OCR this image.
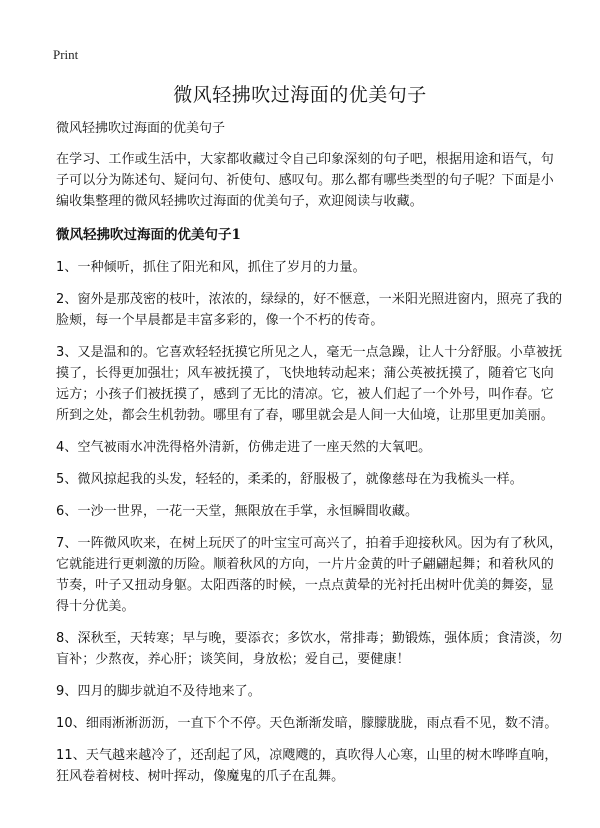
Print
微风轻拂吹过海面的优美句子
微风轻拂吹过海面的优美句子

在学习、工作或生活中，大家都收藏过令自己印象深刻的句子吧，根据用途和语气，句子可以分为陈述句、疑问句、祈使句、感叹句。那么都有哪些类型的句子呢？下面是小编收集整理的微风轻拂吹过海面的优美句子，欢迎阅读与收藏。

微风轻拂吹过海面的优美句子1

1、一种倾听，抓住了阳光和风，抓住了岁月的力量。

2、窗外是那茂密的枝叶，浓浓的，绿绿的，好不惬意，一米阳光照进窗内，照亮了我的脸颊，每一个早晨都是丰富多彩的，像一个不朽的传奇。

3、又是温和的。它喜欢轻轻抚摸它所见之人，毫无一点急躁，让人十分舒服。小草被抚摸了，长得更加强壮；风车被抚摸了，飞快地转动起来；蒲公英被抚摸了，随着它飞向远方；小孩子们被抚摸了，感到了无比的清凉。它，被人们起了一个外号，叫作春。它所到之处，都会生机勃勃。哪里有了春，哪里就会是人间一大仙境，让那里更加美丽。

4、空气被雨水冲洗得格外清新，仿佛走进了一座天然的大氧吧。

5、微风掠起我的头发，轻轻的，柔柔的，舒服极了，就像慈母在为我梳头一样。

6、一沙一世界，一花一天堂，無限放在手掌，永恒瞬間收藏。

7、一阵微风吹来，在树上玩厌了的叶宝宝可高兴了，拍着手迎接秋风。因为有了秋风，它就能进行更刺激的历险。顺着秋风的方向，一片片金黄的叶子翩翩起舞；和着秋风的节奏，叶子又扭动身躯。太阳西落的时候，一点点黄晕的光衬托出树叶优美的舞姿，显得十分优美。

8、深秋至，天转寒；早与晚，要添衣；多饮水，常排毒；勤锻炼，强体质；食清淡，勿盲补；少熬夜，养心肝；谈笑间，身放松；爱自己，要健康！

9、四月的脚步就迫不及待地来了。

10、细雨淅淅沥沥，一直下个不停。天色渐渐发暗，朦朦胧胧，雨点看不见，数不清。

11、天气越来越冷了，还刮起了风，凉飕飕的，真吹得人心寒，山里的树木哗哗直响，狂风卷着树枝、树叶挥动，像魔鬼的爪子在乱舞。
